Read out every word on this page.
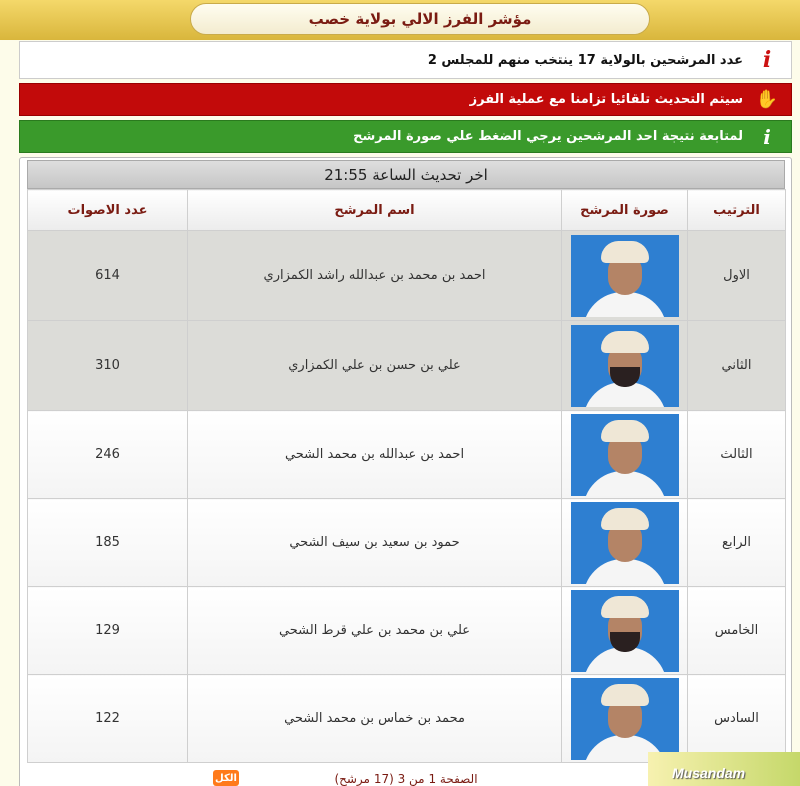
مؤشر الفرز الالي بولاية خصب
i
عدد المرشحين بالولاية 17 ينتخب منهم للمجلس 2
✋
سيتم التحديث تلقائيا تزامنا مع عملية الفرز
i
لمتابعة نتيجة احد المرشحين يرجي الضغط علي صورة المرشح
اخر تحديث الساعة 21:55
الترتيب	صورة المرشح	اسم المرشح	عدد الاصوات
الاول		احمد بن محمد بن عبدالله راشد الكمزاري	614
الثاني		علي بن حسن بن علي الكمزاري	310
الثالث		احمد بن عبدالله بن محمد الشحي	246
الرابع		حمود بن سعيد بن سيف الشحي	185
الخامس		علي بن محمد بن علي قرط الشحي	129
السادس		محمد بن خماس بن محمد الشحي	122
الصفحة 1 من 3 (17 مرشح)
الكل	Musandam
